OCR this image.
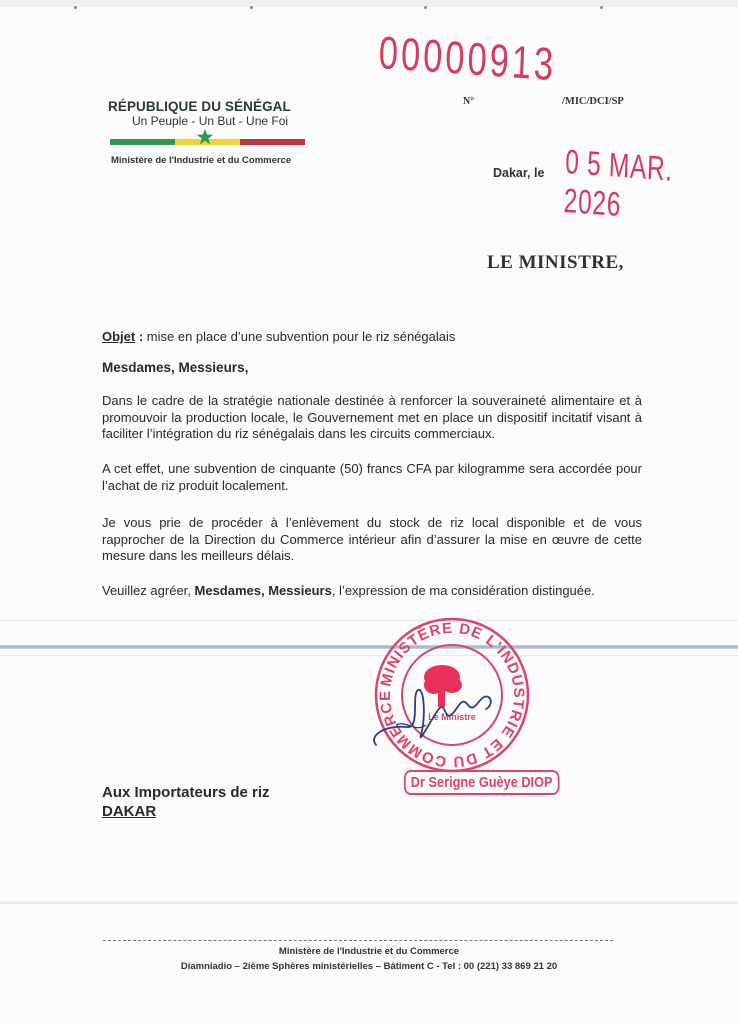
RÉPUBLIQUE DU SÉNÉGAL
Un Peuple - Un But - Une Foi
Ministère de l'Industrie et du Commerce
00000913
N°	/MIC/DCI/SP
Dakar, le 0 5 MAR. 2026
LE MINISTRE,
Objet : mise en place d’une subvention pour le riz sénégalais
Mesdames, Messieurs,
Dans le cadre de la stratégie nationale destinée à renforcer la souveraineté alimentaire et à promouvoir la production locale, le Gouvernement met en place un dispositif incitatif visant à faciliter l’intégration du riz sénégalais dans les circuits commerciaux.
A cet effet, une subvention de cinquante (50) francs CFA par kilogramme sera accordée pour l’achat de riz produit localement.
Je vous prie de procéder à l’enlèvement du stock de riz local disponible et de vous rapprocher de la Direction du Commerce intérieur afin d’assurer la mise en œuvre de cette mesure dans les meilleurs délais.
Veuillez agréer, Mesdames, Messieurs, l’expression de ma considération distinguée.
MINISTÈRE DE L'INDUSTRIE ET DU COMMERCE
Le Ministre
Dr Serigne Guèye DIOP
Aux Importateurs de riz
DAKAR
Ministère de l'Industrie et du Commerce
Diamniadio – 2ième Sphères ministérielles – Bâtiment C - Tel : 00 (221) 33 869 21 20
